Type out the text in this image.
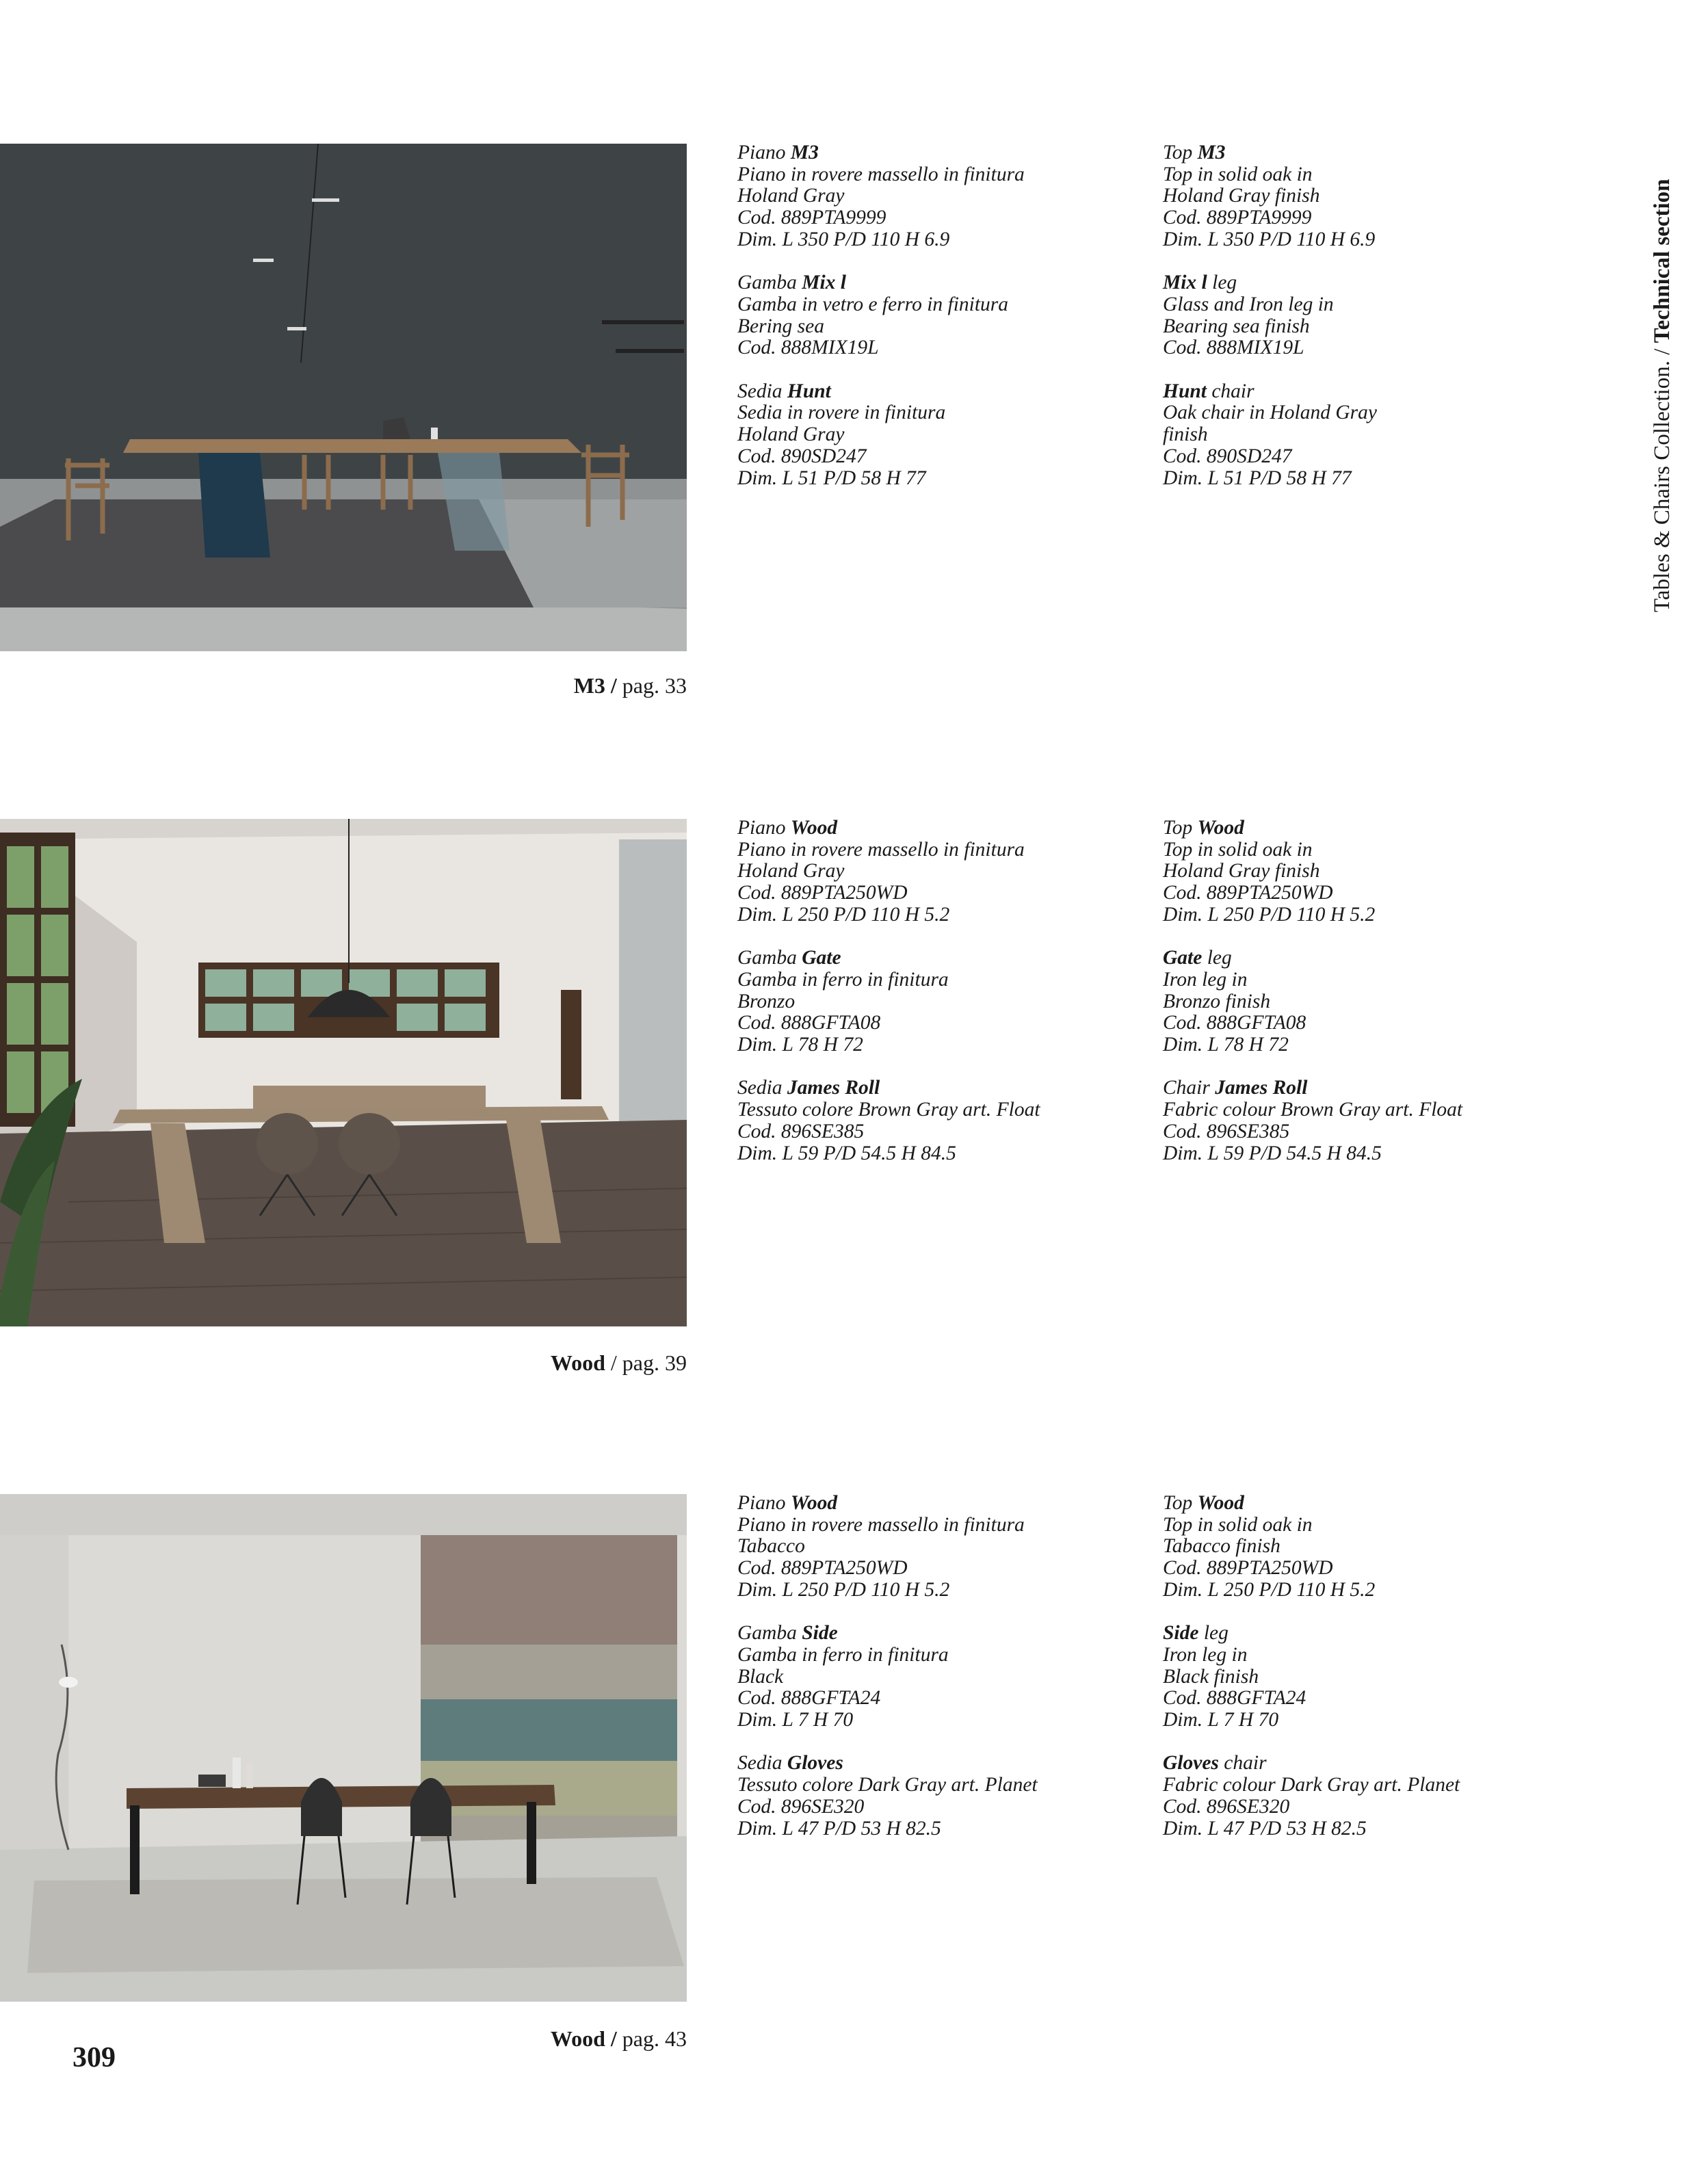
M3 / pag. 33
Wood / pag. 39
Wood / pag. 43
Piano M3
Piano in rovere massello in finitura
Holand Gray
Cod. 889PTA9999
Dim. L 350 P/D 110 H 6.9
Gamba Mix l
Gamba in vetro e ferro in finitura
Bering sea
Cod. 888MIX19L
Sedia Hunt
Sedia in rovere in finitura
Holand Gray
Cod. 890SD247
Dim. L 51 P/D 58 H 77
Top M3
Top in solid oak in
Holand Gray finish
Cod. 889PTA9999
Dim. L 350 P/D 110 H 6.9
Mix l leg
Glass and Iron leg in
Bearing sea finish
Cod. 888MIX19L
Hunt chair
Oak chair in Holand Gray
finish
Cod. 890SD247
Dim. L 51 P/D 58 H 77
Piano Wood
Piano in rovere massello in finitura
Holand Gray
Cod. 889PTA250WD
Dim. L 250 P/D 110 H 5.2
Gamba Gate
Gamba in ferro in finitura
Bronzo
Cod. 888GFTA08
Dim. L 78 H 72
Sedia James Roll
Tessuto colore Brown Gray art. Float
Cod. 896SE385
Dim. L 59 P/D 54.5 H 84.5
Top Wood
Top in solid oak in
Holand Gray finish
Cod. 889PTA250WD
Dim. L 250 P/D 110 H 5.2
Gate leg
Iron leg in
Bronzo finish
Cod. 888GFTA08
Dim. L 78 H 72
Chair James Roll
Fabric colour Brown Gray art. Float
Cod. 896SE385
Dim. L 59 P/D 54.5 H 84.5
Piano Wood
Piano in rovere massello in finitura
Tabacco
Cod. 889PTA250WD
Dim. L 250 P/D 110 H 5.2
Gamba Side
Gamba in ferro in finitura
Black
Cod. 888GFTA24
Dim. L 7 H 70
Sedia Gloves
Tessuto colore Dark Gray art. Planet
Cod. 896SE320
Dim. L 47 P/D 53 H 82.5
Top Wood
Top in solid oak in
Tabacco finish
Cod. 889PTA250WD
Dim. L 250 P/D 110 H 5.2
Side leg
Iron leg in
Black finish
Cod. 888GFTA24
Dim. L 7 H 70
Gloves chair
Fabric colour Dark Gray art. Planet
Cod. 896SE320
Dim. L 47 P/D 53 H 82.5
Tables & Chairs Collection. / Technical section
309
